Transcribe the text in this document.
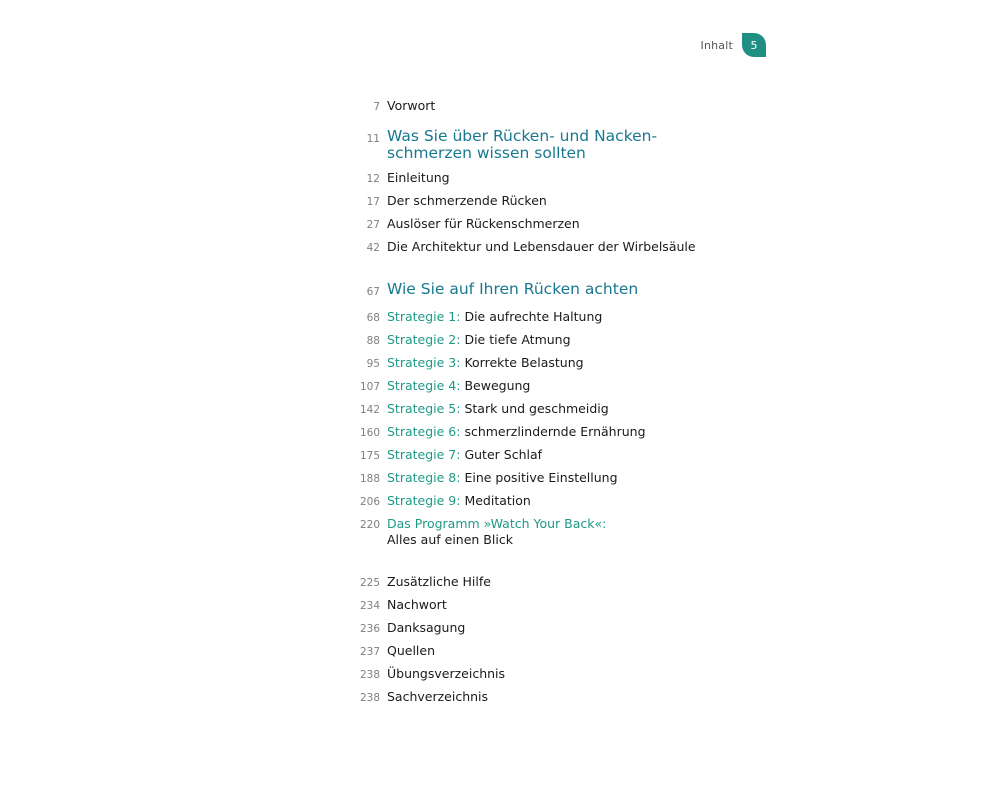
Inhalt 5
7 Vorwort
11 Was Sie über Rücken- und Nacken-
schmerzen wissen sollten
12 Einleitung
17 Der schmerzende Rücken
27 Auslöser für Rückenschmerzen
42 Die Architektur und Lebensdauer der Wirbelsäule
67 Wie Sie auf Ihren Rücken achten
68 Strategie 1: Die aufrechte Haltung
88 Strategie 2: Die tiefe Atmung
95 Strategie 3: Korrekte Belastung
107 Strategie 4: Bewegung
142 Strategie 5: Stark und geschmeidig
160 Strategie 6: schmerzlindernde Ernährung
175 Strategie 7: Guter Schlaf
188 Strategie 8: Eine positive Einstellung
206 Strategie 9: Meditation
220 Das Programm »Watch Your Back«:
Alles auf einen Blick
225 Zusätzliche Hilfe
234 Nachwort
236 Danksagung
237 Quellen
238 Übungsverzeichnis
238 Sachverzeichnis
